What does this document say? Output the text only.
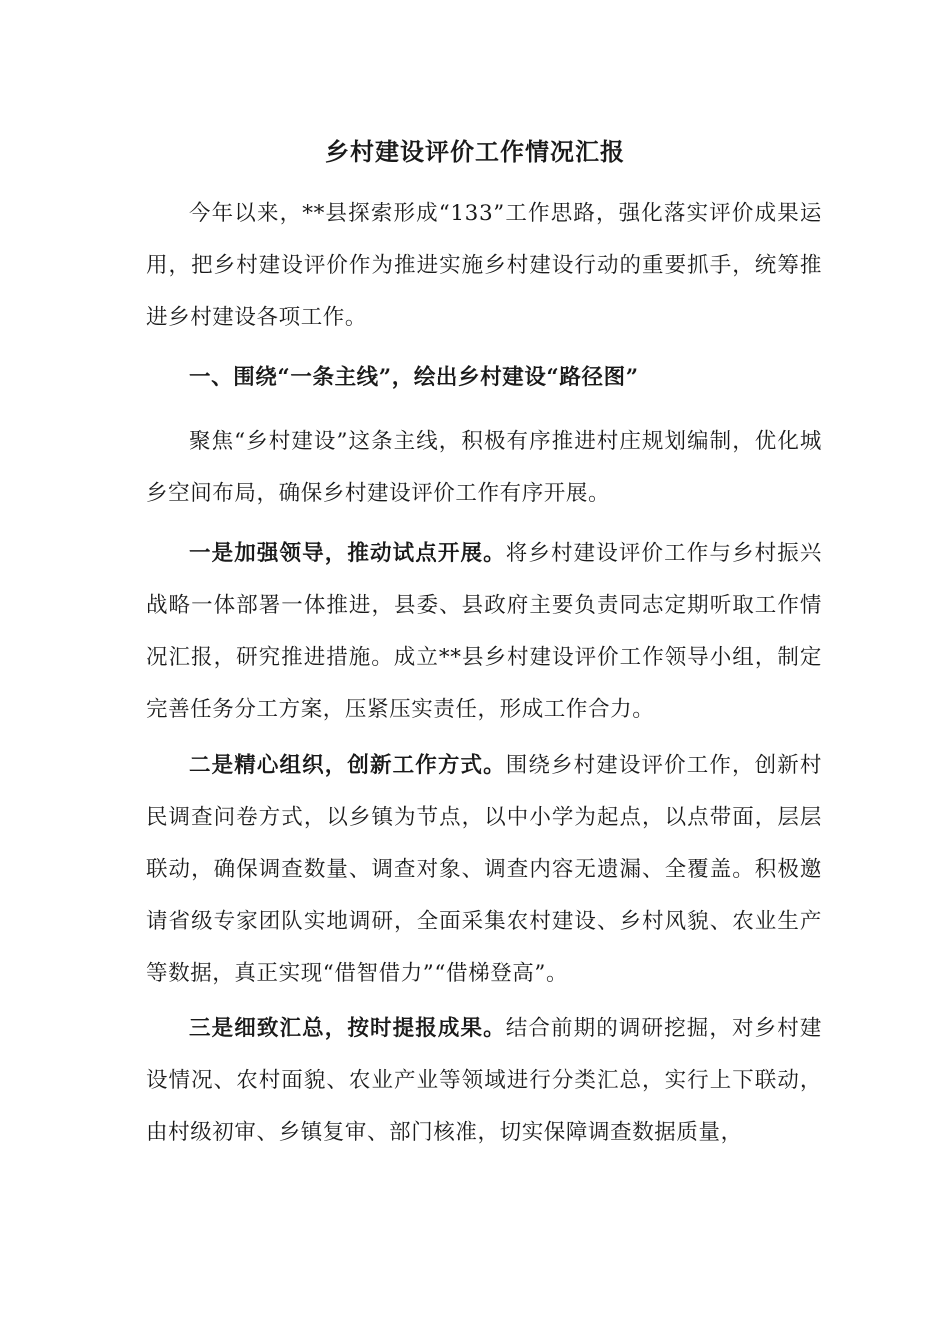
乡村建设评价工作情况汇报

今年以来，**县探索形成“133”工作思路，强化落实评价成果运用，把乡村建设评价作为推进实施乡村建设行动的重要抓手，统筹推进乡村建设各项工作。

一、围绕“一条主线”，绘出乡村建设“路径图”

聚焦“乡村建设”这条主线，积极有序推进村庄规划编制，优化城乡空间布局，确保乡村建设评价工作有序开展。

一是加强领导，推动试点开展。将乡村建设评价工作与乡村振兴战略一体部署一体推进，县委、县政府主要负责同志定期听取工作情况汇报，研究推进措施。成立**县乡村建设评价工作领导小组，制定完善任务分工方案，压紧压实责任，形成工作合力。

二是精心组织，创新工作方式。围绕乡村建设评价工作，创新村民调查问卷方式，以乡镇为节点，以中小学为起点，以点带面，层层联动，确保调查数量、调查对象、调查内容无遗漏、全覆盖。积极邀请省级专家团队实地调研，全面采集农村建设、乡村风貌、农业生产等数据，真正实现“借智借力”“借梯登高”。

三是细致汇总，按时提报成果。结合前期的调研挖掘，对乡村建设情况、农村面貌、农业产业等领域进行分类汇总，实行上下联动，由村级初审、乡镇复审、部门核准，切实保障调查数据质量，
